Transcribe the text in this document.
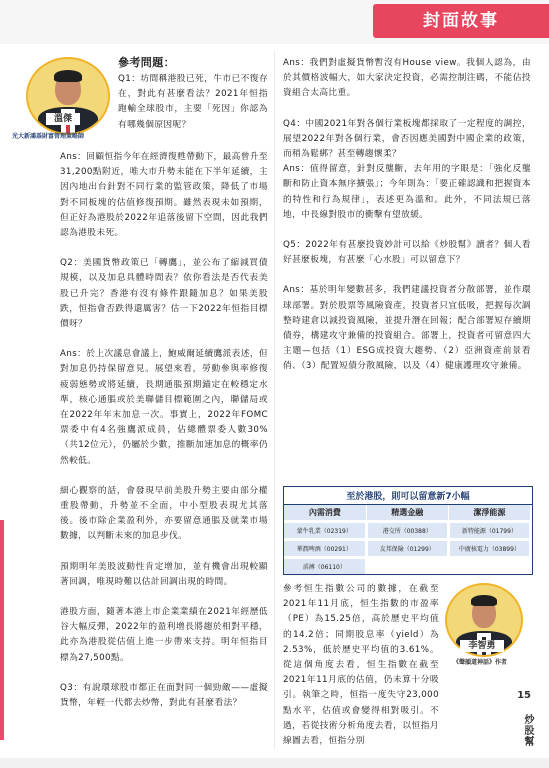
封面故事
溫傑
光大新鴻基財富管理策略師
李智勇
《聲韻道神話》作者

參考問題：

Q1：坊間稱港股已死，牛市已不復存在，對此有甚麼看法？2021年恒指跑輸全球股市，主要「死因」你認為有哪幾個原因呢？

Ans：回顧恒指今年在經濟復甦帶動下，最高曾升至31,200點附近，唯大市升勢未能在下半年延續，主因內地出台針對不同行業的監管政策，降低了市場對不同板塊的估值修復預期。雖然表現未如預期，但正好為港股於2022年追落後留下空間，因此我們認為港股未死。

Q2：美國貨幣政策已「轉鷹」，並公布了縮減買債規模，以及加息具體時間表？依你看法是否代表美股已升完？香港有沒有條件跟隨加息？如果美股跌，恒指會否跌得還厲害？估一下2022年恒指目標價呀？

Ans：於上次議息會議上，鮑威爾延續鷹派表述，但對加息仍持保留意見。展望來看，勞動參與率修復疲弱態勢或將延續，長期通脹預期錨定在較穩定水準，核心通脹或於美聯儲目標範圍之內，聯儲局或在2022年年末加息一次。事實上，2022年FOMC票委中有4名強鷹派成員，佔總體票委人數30%（共12位元），仍屬於少數，推斷加速加息的概率仍然較低。

細心觀察的話，會發現早前美股升勢主要由部分權重股帶動，升勢並不全面，中小型股表現尤其落後。後市除企業盈利外，亦要留意通脹及就業市場數據，以判斷未來的加息步伐。

預期明年美股波動性肯定增加，並有機會出現較顯著回調，唯現時難以估計回調出現的時間。

港股方面，隨著本港上市企業業績在2021年經歷低谷大幅反彈，2022年的盈利增長將趨於相對平穩，此亦為港股從估值上進一步帶來支持。明年恒指目標為27,500點。

Q3：有說環球股市都正在面對同一個勁敵——虛擬貨幣，年輕一代都去炒幣，對此有甚麼看法？

Ans：我們對虛擬貨幣暫沒有House view。我個人認為，由於其價格波幅大，如大家決定投資，必需控制注碼，不能佔投資組合太高比重。

Q4：中國2021年對各個行業板塊都採取了一定程度的調控，展望2022年對各個行業，會否因應美國對中國企業的政策，而稍為鬆綁？甚至轉趨懷柔？

Ans：值得留意，針對反壟斷，去年用的字眼是：「強化反壟斷和防止資本無序擴張」；今年則為：「要正確認識和把握資本的特性和行為規律」，表述更為溫和。此外，不同法規已落地，中長線對股市的衝擊有望放緩。

Q5：2022年有甚麼投資妙計可以給《炒股幫》讀者？個人看好甚麼板塊，有甚麼「心水股」可以留意下？

Ans：基於明年變數甚多，我們建議投資者分散部署，並作環球部署。對於股票等風險資產，投資者只宜低吸，把握每次調整時建倉以減投資風險，並提升潛在回報；配合部署短存續期債券，構建攻守兼備的投資組合。部署上，投資者可留意四大主題—包括（1）ESG成投資大趨勢、（2）亞洲資產前景看俏、（3）配置短債分散風險，以及（4）健康護理攻守兼備。

至於港股，則可以留意新7小幅
內需消費	精選金融	潔淨能源
蒙牛乳業（02319）	港交所（00388）	新特能源（01799）
華潤啤酒（00291）	友邦保險（01299）	中廣核電力（03899）
滔搏（06110）		

參考恒生指數公司的數據，在截至2021年11月底，恒生指數的市盈率（PE）為15.25倍，高於歷史平均值的14.2倍；同期股息率（yield）為2.53%，低於歷史平均值的3.61%。從這個角度去看，恒生指數在截至2021年11月底的估值，仍未算十分吸引。執筆之時，恒指一度失守23,000點水平，估值或會變得相對吸引。不過，若從技術分析角度去看，以恒指月線圖去看，恒指分別

15
炒股幫
